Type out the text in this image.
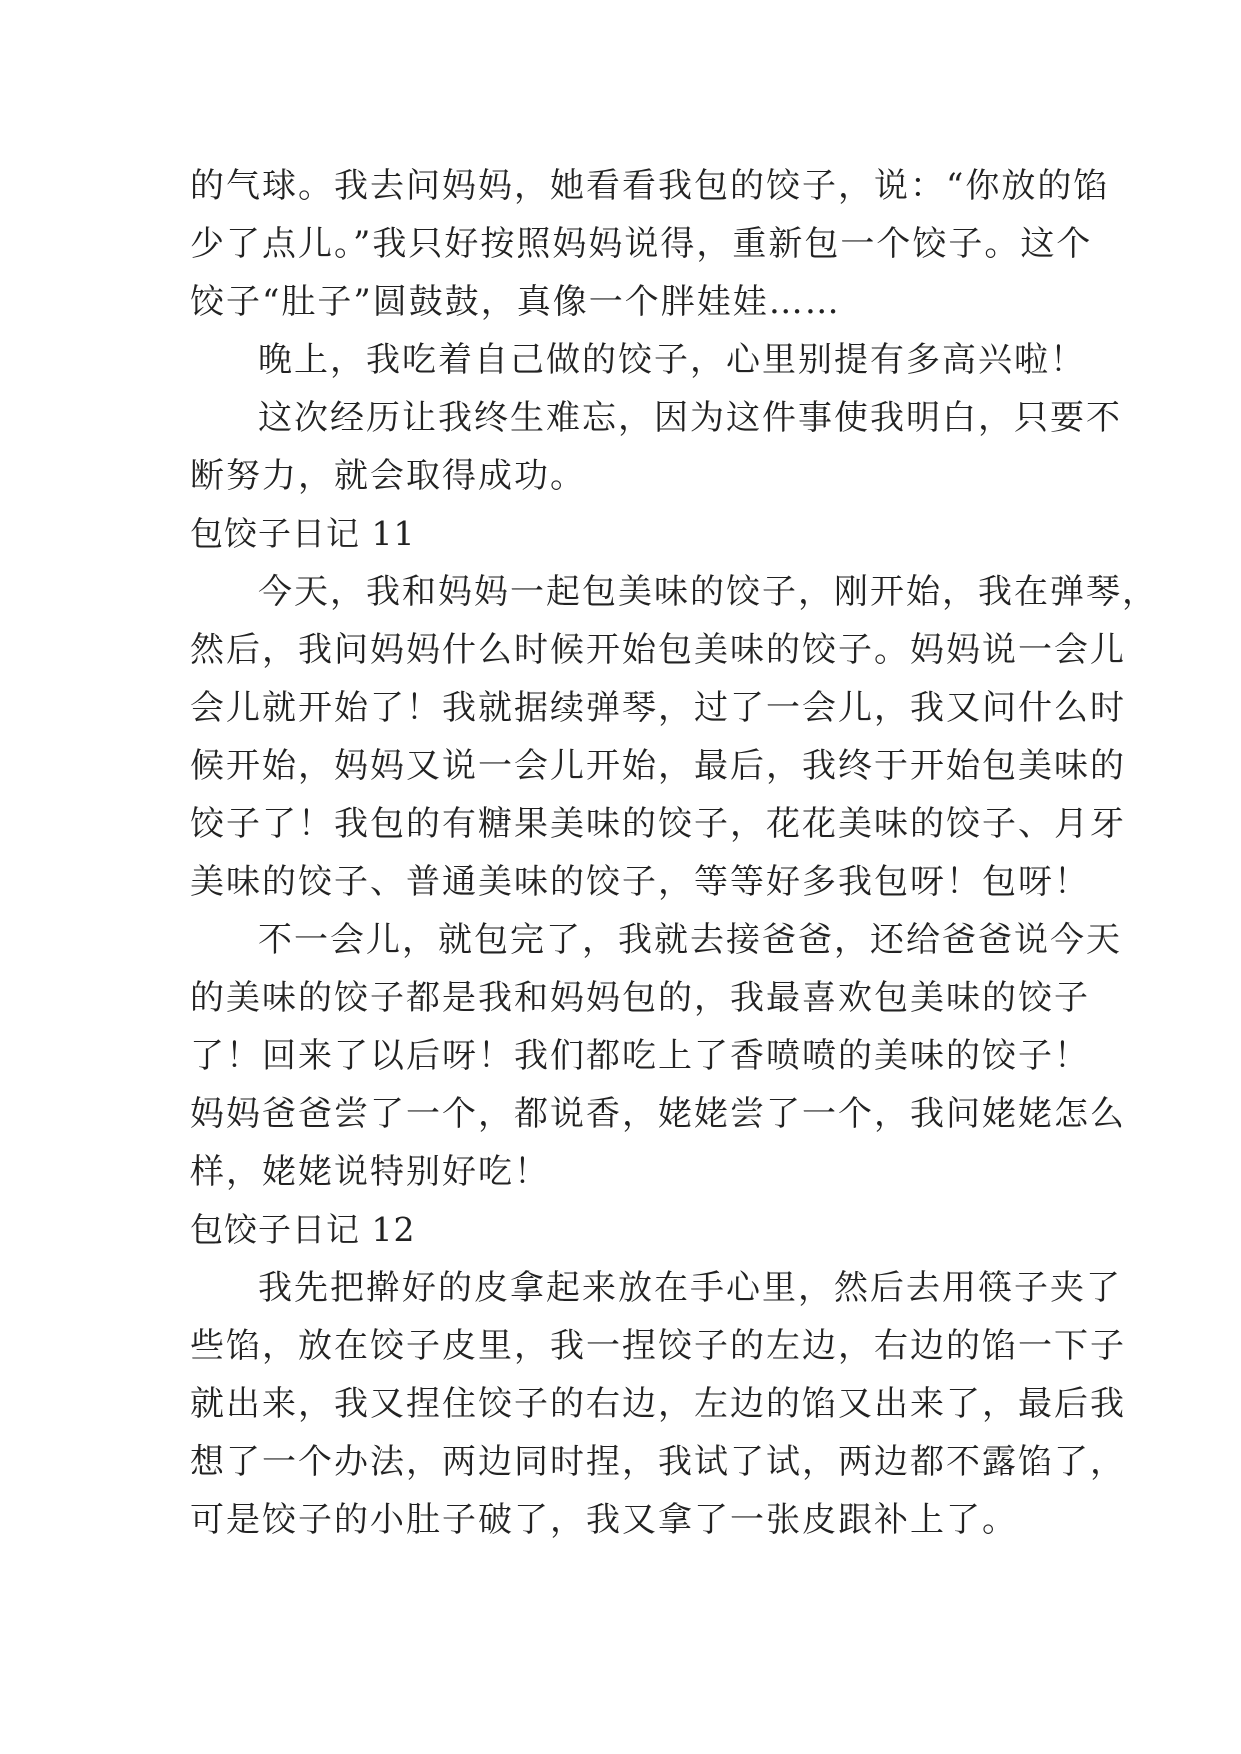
的气球。我去问妈妈，她看看我包的饺子，说：“你放的馅
少了点儿。”我只好按照妈妈说得，重新包一个饺子。这个
饺子“肚子”圆鼓鼓，真像一个胖娃娃……

晚上，我吃着自己做的饺子，心里别提有多高兴啦！

这次经历让我终生难忘，因为这件事使我明白，只要不
断努力，就会取得成功。

包饺子日记 11

今天，我和妈妈一起包美味的饺子，刚开始，我在弹琴，
然后，我问妈妈什么时候开始包美味的饺子。妈妈说一会儿
会儿就开始了！我就据续弹琴，过了一会儿，我又问什么时
候开始，妈妈又说一会儿开始，最后，我终于开始包美味的
饺子了！我包的有糖果美味的饺子，花花美味的饺子、月牙
美味的饺子、普通美味的饺子，等等好多我包呀！包呀！

不一会儿，就包完了，我就去接爸爸，还给爸爸说今天
的美味的饺子都是我和妈妈包的，我最喜欢包美味的饺子
了！回来了以后呀！我们都吃上了香喷喷的美味的饺子！
妈妈爸爸尝了一个，都说香，姥姥尝了一个，我问姥姥怎么
样，姥姥说特别好吃！

包饺子日记 12

我先把擀好的皮拿起来放在手心里，然后去用筷子夹了
些馅，放在饺子皮里，我一捏饺子的左边，右边的馅一下子
就出来，我又捏住饺子的右边，左边的馅又出来了，最后我
想了一个办法，两边同时捏，我试了试，两边都不露馅了，
可是饺子的小肚子破了，我又拿了一张皮跟补上了。
